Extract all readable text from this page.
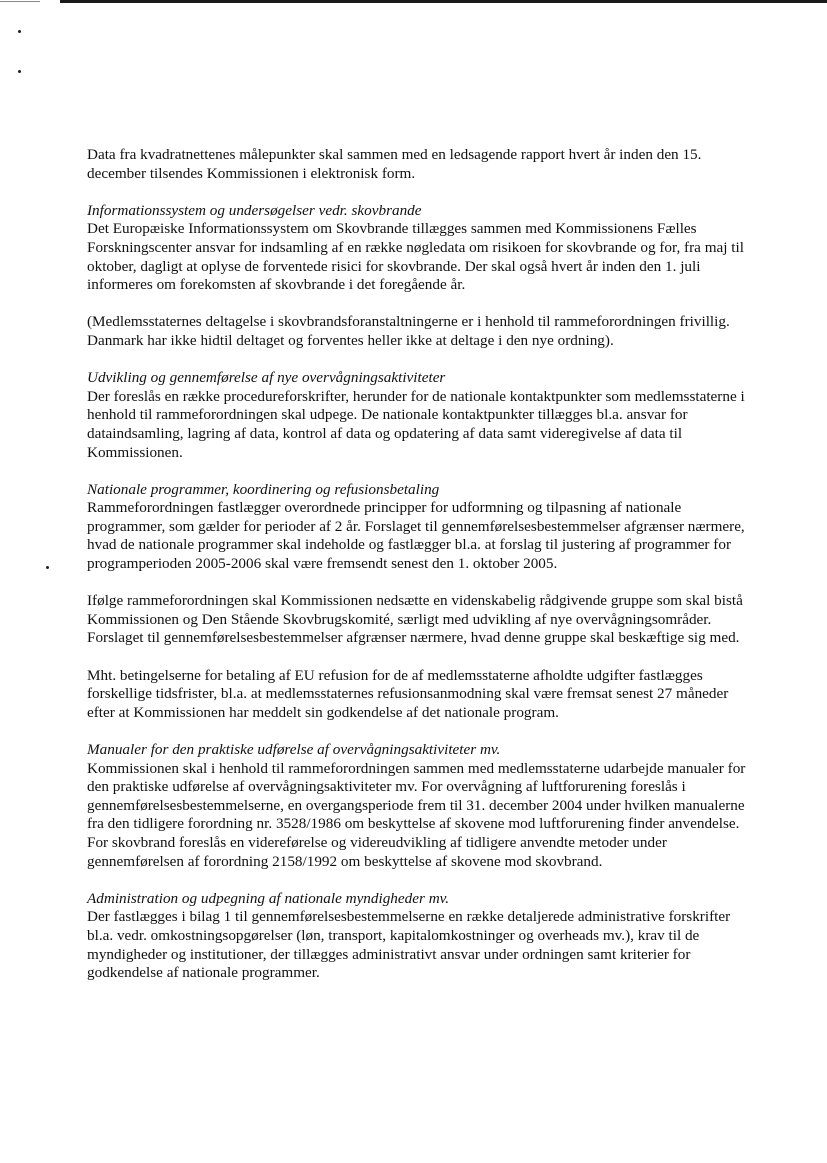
Data fra kvadratnettenes målepunkter skal sammen med en ledsagende rapport hvert år inden den 15. december tilsendes Kommissionen i elektronisk form.

Informationssystem og undersøgelser vedr. skovbrande
Det Europæiske Informationssystem om Skovbrande tillægges sammen med Kommissionens Fælles Forskningscenter ansvar for indsamling af en række nøgledata om risikoen for skovbrande og for, fra maj til oktober, dagligt at oplyse de forventede risici for skovbrande. Der skal også hvert år inden den 1. juli informeres om forekomsten af skovbrande i det foregående år.

(Medlemsstaternes deltagelse i skovbrandsforanstaltningerne er i henhold til rammeforordningen frivillig. Danmark har ikke hidtil deltaget og forventes heller ikke at deltage i den nye ordning).

Udvikling og gennemførelse af nye overvågningsaktiviteter
Der foreslås en række procedureforskrifter, herunder for de nationale kontaktpunkter som medlemsstaterne i henhold til rammeforordningen skal udpege. De nationale kontaktpunkter tillægges bl.a. ansvar for dataindsamling, lagring af data, kontrol af data og opdatering af data samt videregivelse af data til Kommissionen.

Nationale programmer, koordinering og refusionsbetaling
Rammeforordningen fastlægger overordnede principper for udformning og tilpasning af nationale programmer, som gælder for perioder af 2 år. Forslaget til gennemførelsesbestemmelser afgrænser nærmere, hvad de nationale programmer skal indeholde og fastlægger bl.a. at forslag til justering af programmer for programperioden 2005-2006 skal være fremsendt senest den 1. oktober 2005.

Ifølge rammeforordningen skal Kommissionen nedsætte en videnskabelig rådgivende gruppe som skal bistå Kommissionen og Den Stående Skovbrugskomité, særligt med udvikling af nye overvågningsområder. Forslaget til gennemførelsesbestemmelser afgrænser nærmere, hvad denne gruppe skal beskæftige sig med.

Mht. betingelserne for betaling af EU refusion for de af medlemsstaterne afholdte udgifter fastlægges forskellige tidsfrister, bl.a. at medlemsstaternes refusionsanmodning skal være fremsat senest 27 måneder efter at Kommissionen har meddelt sin godkendelse af det nationale program.

Manualer for den praktiske udførelse af overvågningsaktiviteter mv.
Kommissionen skal i henhold til rammeforordningen sammen med medlemsstaterne udarbejde manualer for den praktiske udførelse af overvågningsaktiviteter mv. For overvågning af luftforurening foreslås i gennemførelsesbestemmelserne, en overgangsperiode frem til 31. december 2004 under hvilken manualerne fra den tidligere forordning nr. 3528/1986 om beskyttelse af skovene mod luftforurening finder anvendelse. For skovbrand foreslås en videreførelse og videreudvikling af tidligere anvendte metoder under gennemførelsen af forordning 2158/1992 om beskyttelse af skovene mod skovbrand.

Administration og udpegning af nationale myndigheder mv.
Der fastlægges i bilag 1 til gennemførelsesbestemmelserne en række detaljerede administrative forskrifter bl.a. vedr. omkostningsopgørelser (løn, transport, kapitalomkostninger og overheads mv.), krav til de myndigheder og institutioner, der tillægges administrativt ansvar under ordningen samt kriterier for godkendelse af nationale programmer.
